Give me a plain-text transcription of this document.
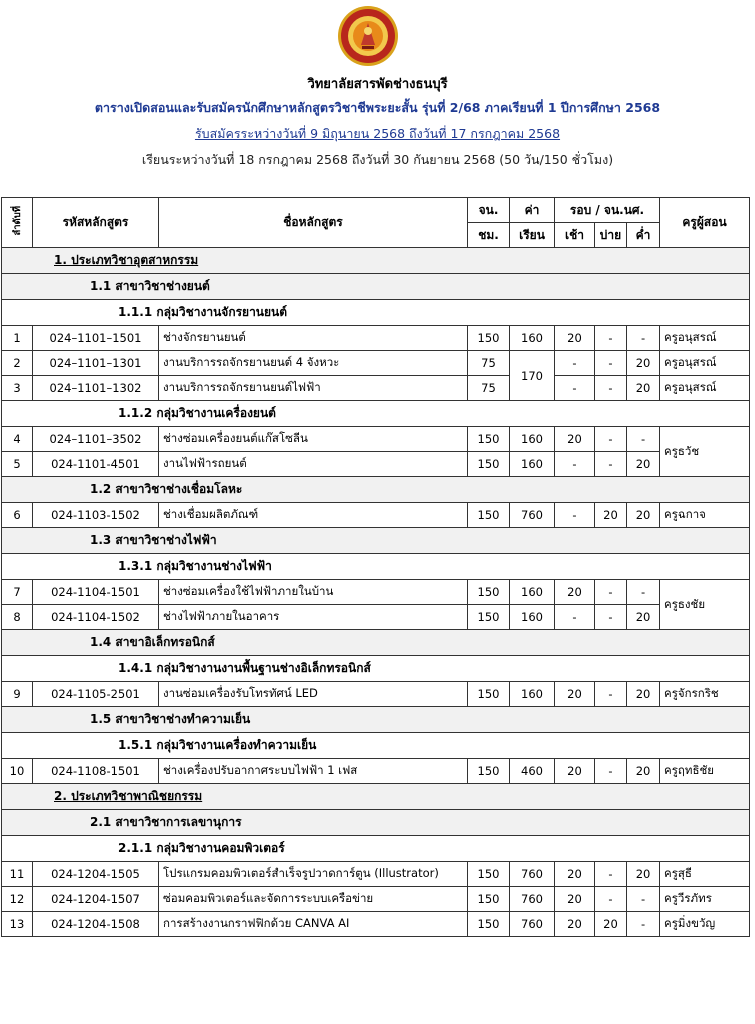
วิทยาลัยสารพัดช่างธนบุรี
ตารางเปิดสอนและรับสมัครนักศึกษาหลักสูตรวิชาชีพระยะสั้น รุ่นที่ 2/68 ภาคเรียนที่ 1 ปีการศึกษา 2568
รับสมัครระหว่างวันที่ 9 มิถุนายน 2568 ถึงวันที่ 17 กรกฎาคม 2568
เรียนระหว่างวันที่ 18 กรกฎาคม 2568 ถึงวันที่ 30 กันยายน 2568 (50 วัน/150 ชั่วโมง)
ลำดับที่	รหัสหลักสูตร	ชื่อหลักสูตร	จน.	ค่า	รอบ / จน.นศ.			ครูผู้สอน
			ชม.	เรียน	เช้า	บ่าย	ค่ำ	
1. ประเภทวิชาอุตสาหกรรม								
1.1 สาขาวิชาช่างยนต์								
1.1.1 กลุ่มวิชางานจักรยานยนต์								
1	024–1101–1501	ช่างจักรยานยนต์	150	160	20	-	-	ครูอนุสรณ์
2	024–1101–1301	งานบริการรถจักรยานยนต์ 4 จังหวะ	75	170	-	-	20	ครูอนุสรณ์
3	024–1101–1302	งานบริการรถจักรยานยนต์ไฟฟ้า	75		-	-	20	ครูอนุสรณ์
1.1.2 กลุ่มวิชางานเครื่องยนต์								
4	024–1101–3502	ช่างซ่อมเครื่องยนต์แก๊สโซลีน	150	160	20	-	-	ครูธวัช
5	024-1101-4501	งานไฟฟ้ารถยนต์	150	160	-	-	20	
1.2 สาขาวิชาช่างเชื่อมโลหะ								
6	024-1103-1502	ช่างเชื่อมผลิตภัณฑ์	150	760	-	20	20	ครูฉกาจ
1.3 สาขาวิชาช่างไฟฟ้า								
1.3.1 กลุ่มวิชางานช่างไฟฟ้า								
7	024-1104-1501	ช่างซ่อมเครื่องใช้ไฟฟ้าภายในบ้าน	150	160	20	-	-	ครูธงชัย
8	024-1104-1502	ช่างไฟฟ้าภายในอาคาร	150	160	-	-	20	
1.4 สาขาอิเล็กทรอนิกส์								
1.4.1 กลุ่มวิชางานงานพื้นฐานช่างอิเล็กทรอนิกส์								
9	024-1105-2501	งานซ่อมเครื่องรับโทรทัศน์ LED	150	160	20	-	20	ครูจักรกริช
1.5 สาขาวิชาช่างทำความเย็น								
1.5.1 กลุ่มวิชางานเครื่องทำความเย็น								
10	024-1108-1501	ช่างเครื่องปรับอากาศระบบไฟฟ้า 1 เฟส	150	460	20	-	20	ครูฤทธิชัย
2. ประเภทวิชาพาณิชยกรรม								
2.1 สาขาวิชาการเลขานุการ								
2.1.1 กลุ่มวิชางานคอมพิวเตอร์								
11	024-1204-1505	โปรแกรมคอมพิวเตอร์สำเร็จรูปวาดการ์ตูน (Illustrator)	150	760	20	-	20	ครูสุธี
12	024-1204-1507	ซ่อมคอมพิวเตอร์และจัดการระบบเครือข่าย	150	760	20	-	-	ครูวีรภัทร
13	024-1204-1508	การสร้างงานกราฟฟิกด้วย CANVA AI	150	760	20	20	-	ครูมิ่งขวัญ
